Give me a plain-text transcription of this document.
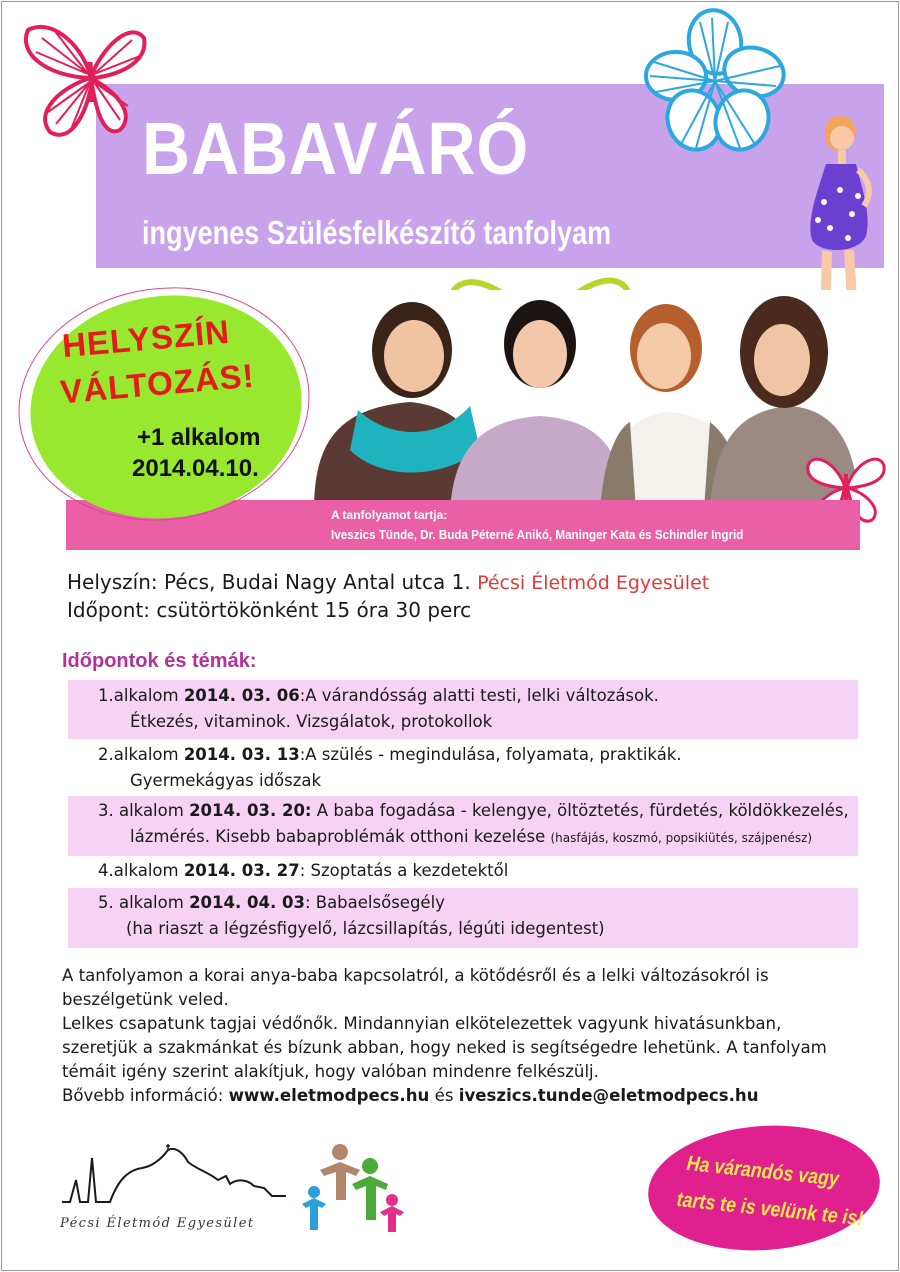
BABAVÁRÓ
ingyenes Szülésfelkészítő tanfolyam
A tanfolyamot tartja:
Iveszics Tünde, Dr. Buda Péterné Anikó, Maninger Kata és Schindler Ingrid
HELYSZÍN
VÁLTOZÁS!
+1 alkalom
2014.04.10.
Helyszín: Pécs, Budai Nagy Antal utca 1. Pécsi Életmód Egyesület
Időpont: csütörtökönként 15 óra 30 perc
Időpontok és témák:
1.alkalom 2014. 03. 06:A várandósság alatti testi, lelki változások.
Étkezés, vitaminok. Vizsgálatok, protokollok
2.alkalom 2014. 03. 13:A szülés - megindulása, folyamata, praktikák.
Gyermekágyas időszak
3. alkalom 2014. 03. 20: A baba fogadása - kelengye, öltöztetés, fürdetés, köldökkezelés,
lázmérés. Kisebb babaproblémák otthoni kezelése (hasfájás, koszmó, popsikiütés, szájpenész)
4.alkalom 2014. 03. 27: Szoptatás a kezdetektől
5. alkalom 2014. 04. 03: Babaelsősegély
(ha riaszt a légzésfigyelő, lázcsillapítás, légúti idegentest)

A tanfolyamon a korai anya-baba kapcsolatról, a kötődésről és a lelki változásokról is beszélgetünk veled.

Lelkes csapatunk tagjai védőnők. Mindannyian elkötelezettek vagyunk hivatásunkban, szeretjük a szakmánkat és bízunk abban, hogy neked is segítségedre lehetünk. A tanfolyam témáit igény szerint alakítjuk, hogy valóban mindenre felkészülj.

Bővebb információ: www.eletmodpecs.hu és iveszics.tunde@eletmodpecs.hu

Pécsi Életmód Egyesület
Ha várandós vagy
tarts te is velünk te is!
